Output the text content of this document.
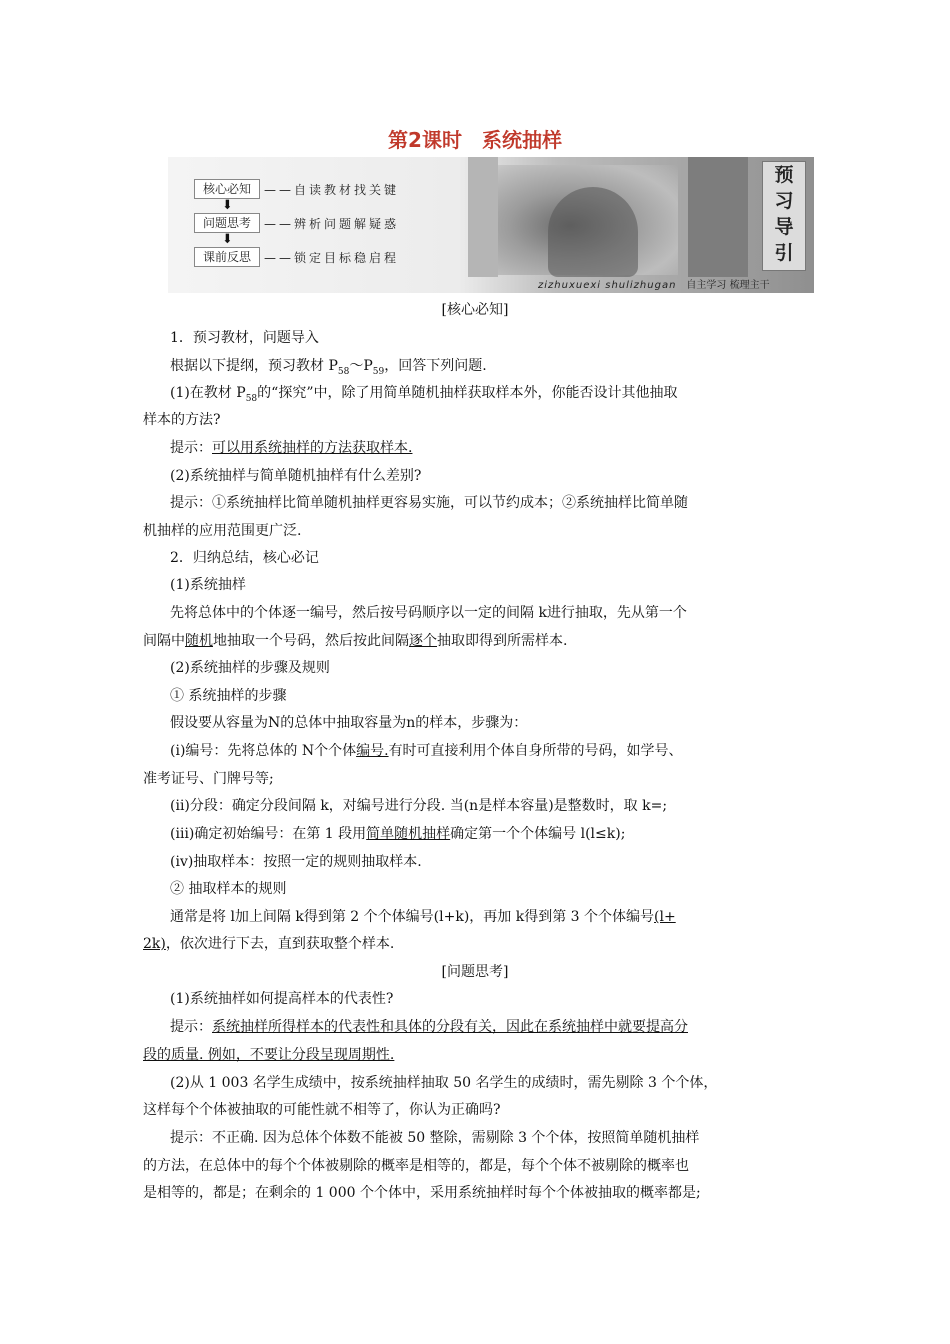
第2课时 系统抽样
核心必知	——自读教材找关键
⬇
问题思考	——辨析问题解疑惑
⬇
课前反思	——锁定目标稳启程
预
习
导
引
zizhuxuexi shulizhugan 自主学习 梳理主干
[核心必知]
1．预习教材，问题导入
根据以下提纲，预习教材 $P_{58}\sim P_{59}$，回答下列问题.
(1)在教材 $P_{58}$的“探究”中，除了用简单随机抽样获取样本外，你能否设计其他抽取
样本的方法?
提示：可以用系统抽样的方法获取样本.
(2)系统抽样与简单随机抽样有什么差别?
提示：①系统抽样比简单随机抽样更容易实施，可以节约成本；②系统抽样比简单随
机抽样的应用范围更广泛.
2．归纳总结，核心必记
(1)系统抽样
先将总体中的个体逐一编号，然后按号码顺序以一定的间隔 k进行抽取，先从第一个
间隔中随机地抽取一个号码，然后按此间隔逐个抽取即得到所需样本.
(2)系统抽样的步骤及规则
① 系统抽样的步骤
假设要从容量为N的总体中抽取容量为n的样本，步骤为：
(ⅰ)编号：先将总体的 N个个体编号.有时可直接利用个体自身所带的号码，如学号、
准考证号、门牌号等;
(ⅱ)分段：确定分段间隔 k，对编号进行分段. 当(n是样本容量)是整数时，取 k=;
(ⅲ)确定初始编号：在第 1 段用简单随机抽样确定第一个个体编号 l(l≤k);
(ⅳ)抽取样本：按照一定的规则抽取样本.
② 抽取样本的规则
通常是将 l加上间隔 k得到第 2 个个体编号(l+k)，再加 k得到第 3 个个体编号(l+
2k)，依次进行下去，直到获取整个样本.
[问题思考]
(1)系统抽样如何提高样本的代表性?
提示：系统抽样所得样本的代表性和具体的分段有关，因此在系统抽样中就要提高分
段的质量. 例如，不要让分段呈现周期性.
(2)从 1 003 名学生成绩中，按系统抽样抽取 50 名学生的成绩时，需先剔除 3 个个体，
这样每个个体被抽取的可能性就不相等了，你认为正确吗?
提示：不正确. 因为总体个体数不能被 50 整除，需剔除 3 个个体，按照简单随机抽样
的方法，在总体中的每个个体被剔除的概率是相等的，都是，每个个体不被剔除的概率也
是相等的，都是；在剩余的 1 000 个个体中，采用系统抽样时每个个体被抽取的概率都是;
